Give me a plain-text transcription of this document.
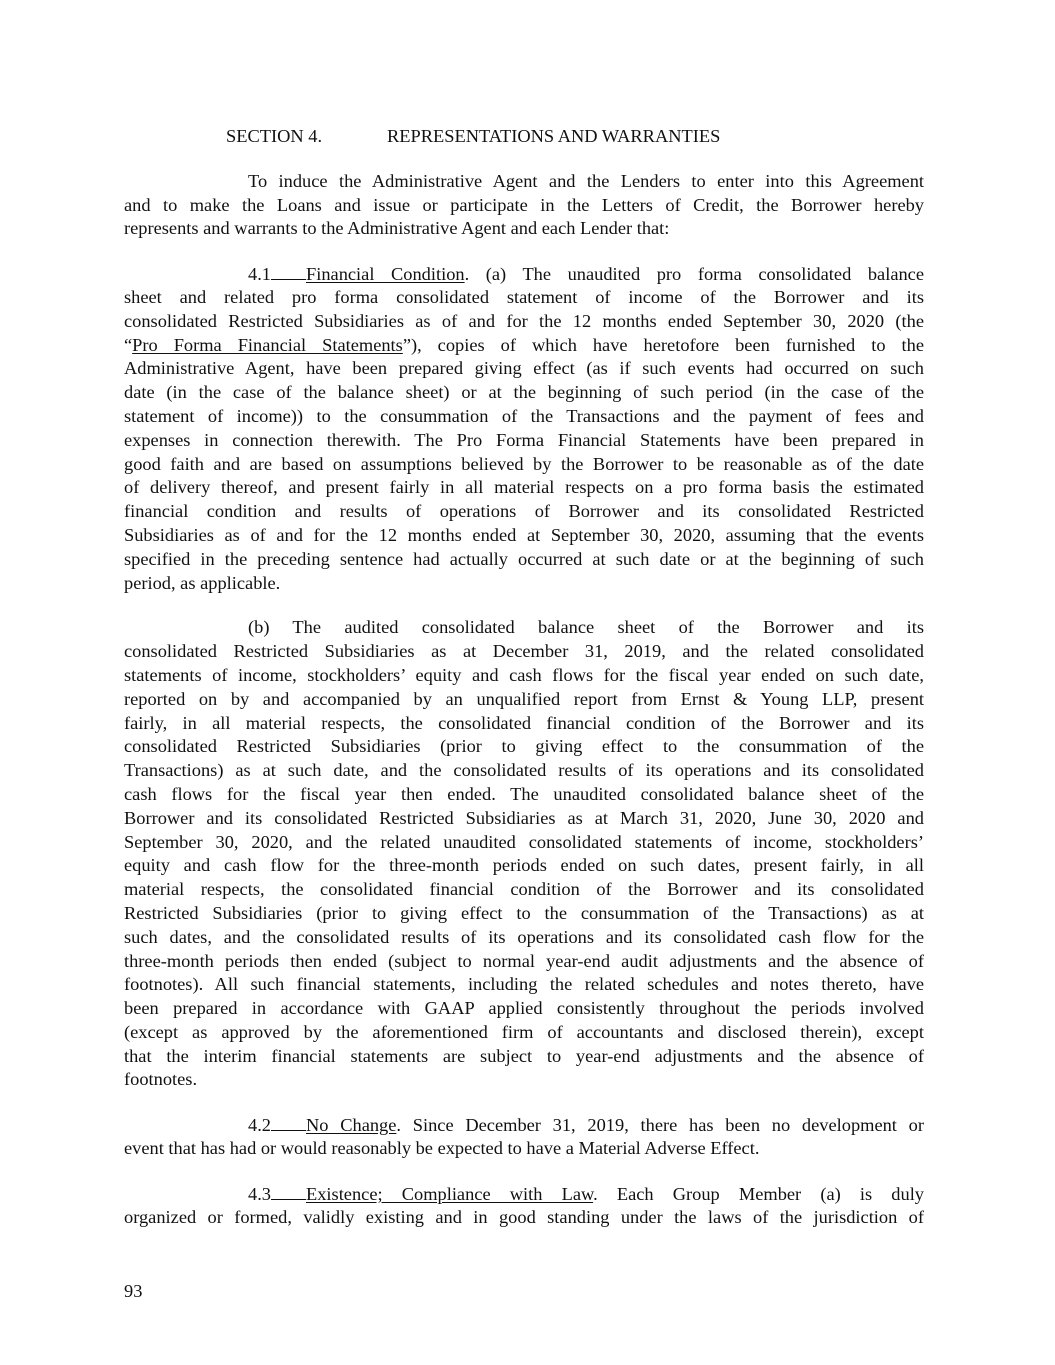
SECTION 4.	REPRESENTATIONS AND WARRANTIES
To induce the Administrative Agent and the Lenders to enter into this Agreement
and to make the Loans and issue or participate in the Letters of Credit, the Borrower hereby
represents and warrants to the Administrative Agent and each Lender that:
4.1 Financial Condition. (a) The unaudited pro forma consolidated balance
sheet and related pro forma consolidated statement of income of the Borrower and its
consolidated Restricted Subsidiaries as of and for the 12 months ended September 30, 2020 (the
“Pro Forma Financial Statements”), copies of which have heretofore been furnished to the
Administrative Agent, have been prepared giving effect (as if such events had occurred on such
date (in the case of the balance sheet) or at the beginning of such period (in the case of the
statement of income)) to the consummation of the Transactions and the payment of fees and
expenses in connection therewith. The Pro Forma Financial Statements have been prepared in
good faith and are based on assumptions believed by the Borrower to be reasonable as of the date
of delivery thereof, and present fairly in all material respects on a pro forma basis the estimated
financial condition and results of operations of Borrower and its consolidated Restricted
Subsidiaries as of and for the 12 months ended at September 30, 2020, assuming that the events
specified in the preceding sentence had actually occurred at such date or at the beginning of such
period, as applicable.
(b) The audited consolidated balance sheet of the Borrower and its
consolidated Restricted Subsidiaries as at December 31, 2019, and the related consolidated
statements of income, stockholders’ equity and cash flows for the fiscal year ended on such date,
reported on by and accompanied by an unqualified report from Ernst & Young LLP, present
fairly, in all material respects, the consolidated financial condition of the Borrower and its
consolidated Restricted Subsidiaries (prior to giving effect to the consummation of the
Transactions) as at such date, and the consolidated results of its operations and its consolidated
cash flows for the fiscal year then ended. The unaudited consolidated balance sheet of the
Borrower and its consolidated Restricted Subsidiaries as at March 31, 2020, June 30, 2020 and
September 30, 2020, and the related unaudited consolidated statements of income, stockholders’
equity and cash flow for the three-month periods ended on such dates, present fairly, in all
material respects, the consolidated financial condition of the Borrower and its consolidated
Restricted Subsidiaries (prior to giving effect to the consummation of the Transactions) as at
such dates, and the consolidated results of its operations and its consolidated cash flow for the
three-month periods then ended (subject to normal year-end audit adjustments and the absence of
footnotes). All such financial statements, including the related schedules and notes thereto, have
been prepared in accordance with GAAP applied consistently throughout the periods involved
(except as approved by the aforementioned firm of accountants and disclosed therein), except
that the interim financial statements are subject to year-end adjustments and the absence of
footnotes.
4.2 No Change. Since December 31, 2019, there has been no development or
event that has had or would reasonably be expected to have a Material Adverse Effect.
4.3 Existence; Compliance with Law. Each Group Member (a) is duly
organized or formed, validly existing and in good standing under the laws of the jurisdiction of
93
